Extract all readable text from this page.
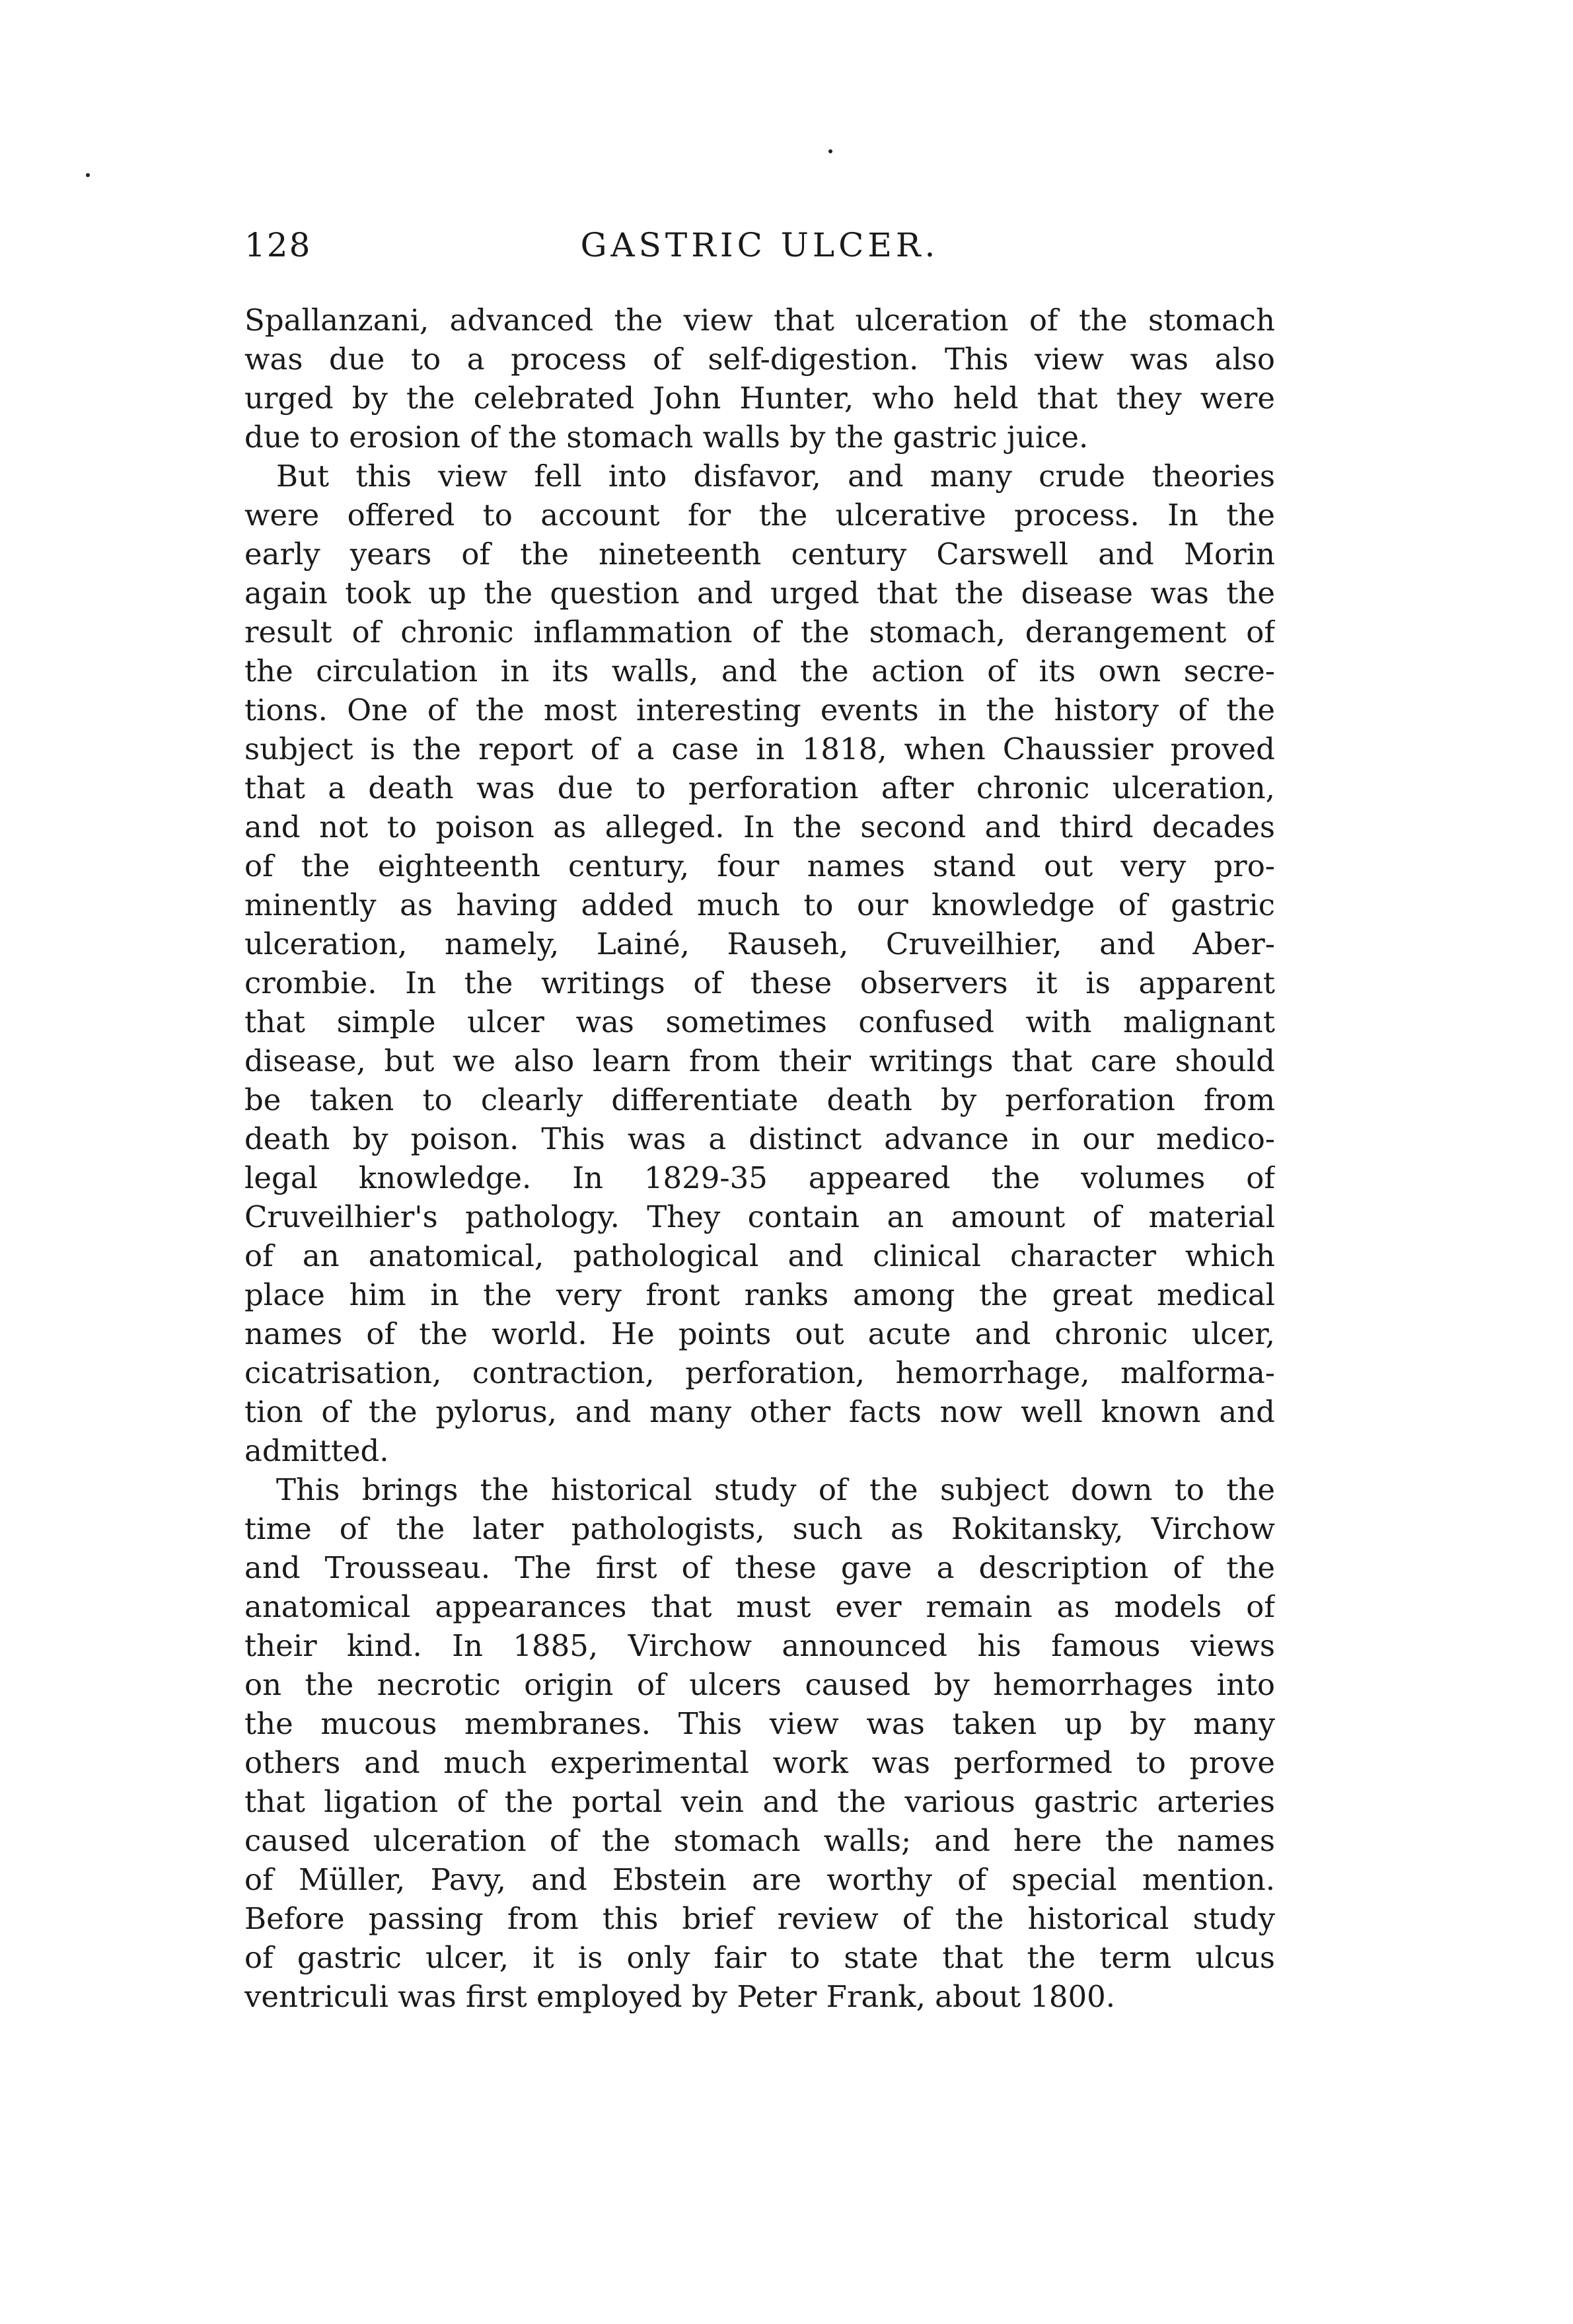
128	GASTRIC ULCER.
Spallanzani, advanced the view that ulceration of the stomach
was due to a process of self-digestion. This view was also
urged by the celebrated John Hunter, who held that they were
due to erosion of the stomach walls by the gastric juice.
But this view fell into disfavor, and many crude theories
were offered to account for the ulcerative process. In the
early years of the nineteenth century Carswell and Morin
again took up the question and urged that the disease was the
result of chronic inflammation of the stomach, derangement of
the circulation in its walls, and the action of its own secre-
tions. One of the most interesting events in the history of the
subject is the report of a case in 1818, when Chaussier proved
that a death was due to perforation after chronic ulceration,
and not to poison as alleged. In the second and third decades
of the eighteenth century, four names stand out very pro-
minently as having added much to our knowledge of gastric
ulceration, namely, Lainé, Rauseh, Cruveilhier, and Aber-
crombie. In the writings of these observers it is apparent
that simple ulcer was sometimes confused with malignant
disease, but we also learn from their writings that care should
be taken to clearly differentiate death by perforation from
death by poison. This was a distinct advance in our medico-
legal knowledge. In 1829-35 appeared the volumes of
Cruveilhier's pathology. They contain an amount of material
of an anatomical, pathological and clinical character which
place him in the very front ranks among the great medical
names of the world. He points out acute and chronic ulcer,
cicatrisation, contraction, perforation, hemorrhage, malforma-
tion of the pylorus, and many other facts now well known and
admitted.
This brings the historical study of the subject down to the
time of the later pathologists, such as Rokitansky, Virchow
and Trousseau. The first of these gave a description of the
anatomical appearances that must ever remain as models of
their kind. In 1885, Virchow announced his famous views
on the necrotic origin of ulcers caused by hemorrhages into
the mucous membranes. This view was taken up by many
others and much experimental work was performed to prove
that ligation of the portal vein and the various gastric arteries
caused ulceration of the stomach walls; and here the names
of Müller, Pavy, and Ebstein are worthy of special mention.
Before passing from this brief review of the historical study
of gastric ulcer, it is only fair to state that the term ulcus
ventriculi was first employed by Peter Frank, about 1800.
